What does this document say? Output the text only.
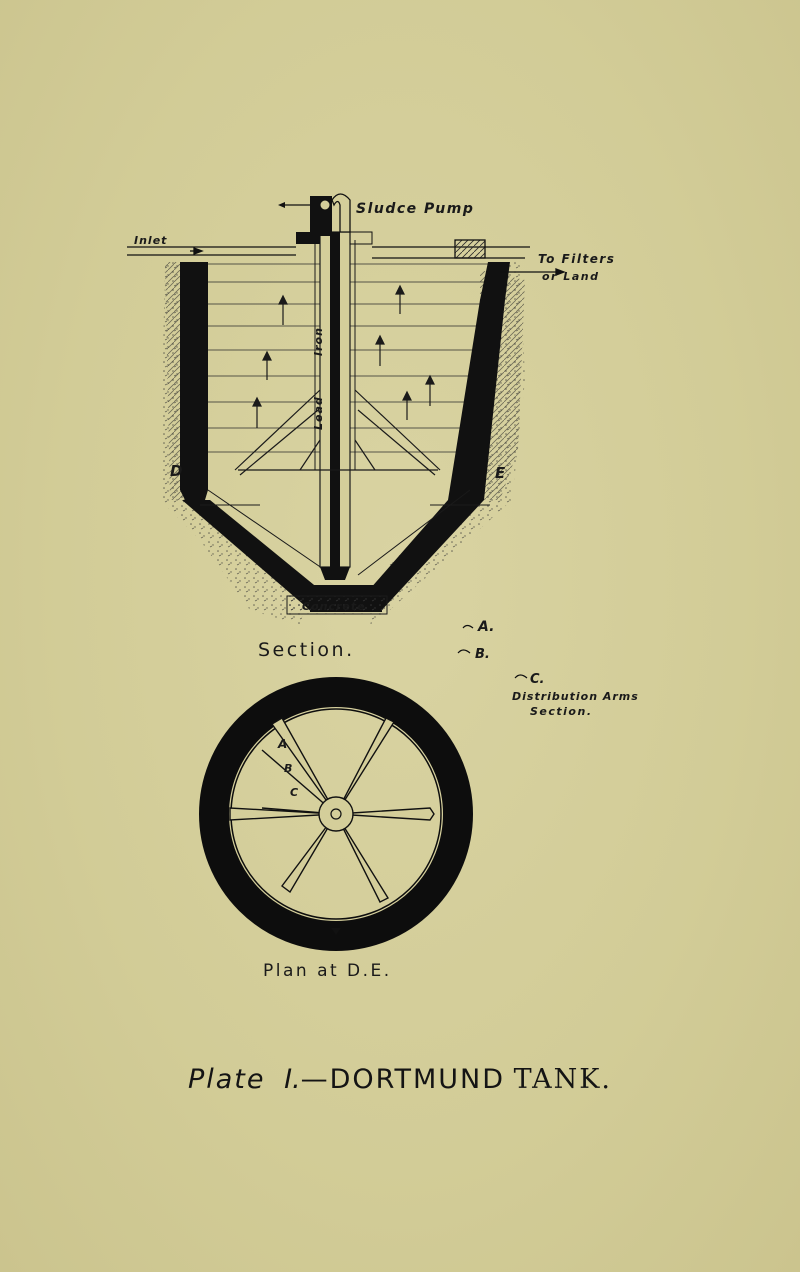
Concrete
Sludce Pump
Inlet
To Filters
or Land
Iron
Lead
D	E
Section.
A.
B.
C.
Distribution Arms
Section.
A
B
C
Plan at D.E.
Plate I.—DORTMUND TANK.
